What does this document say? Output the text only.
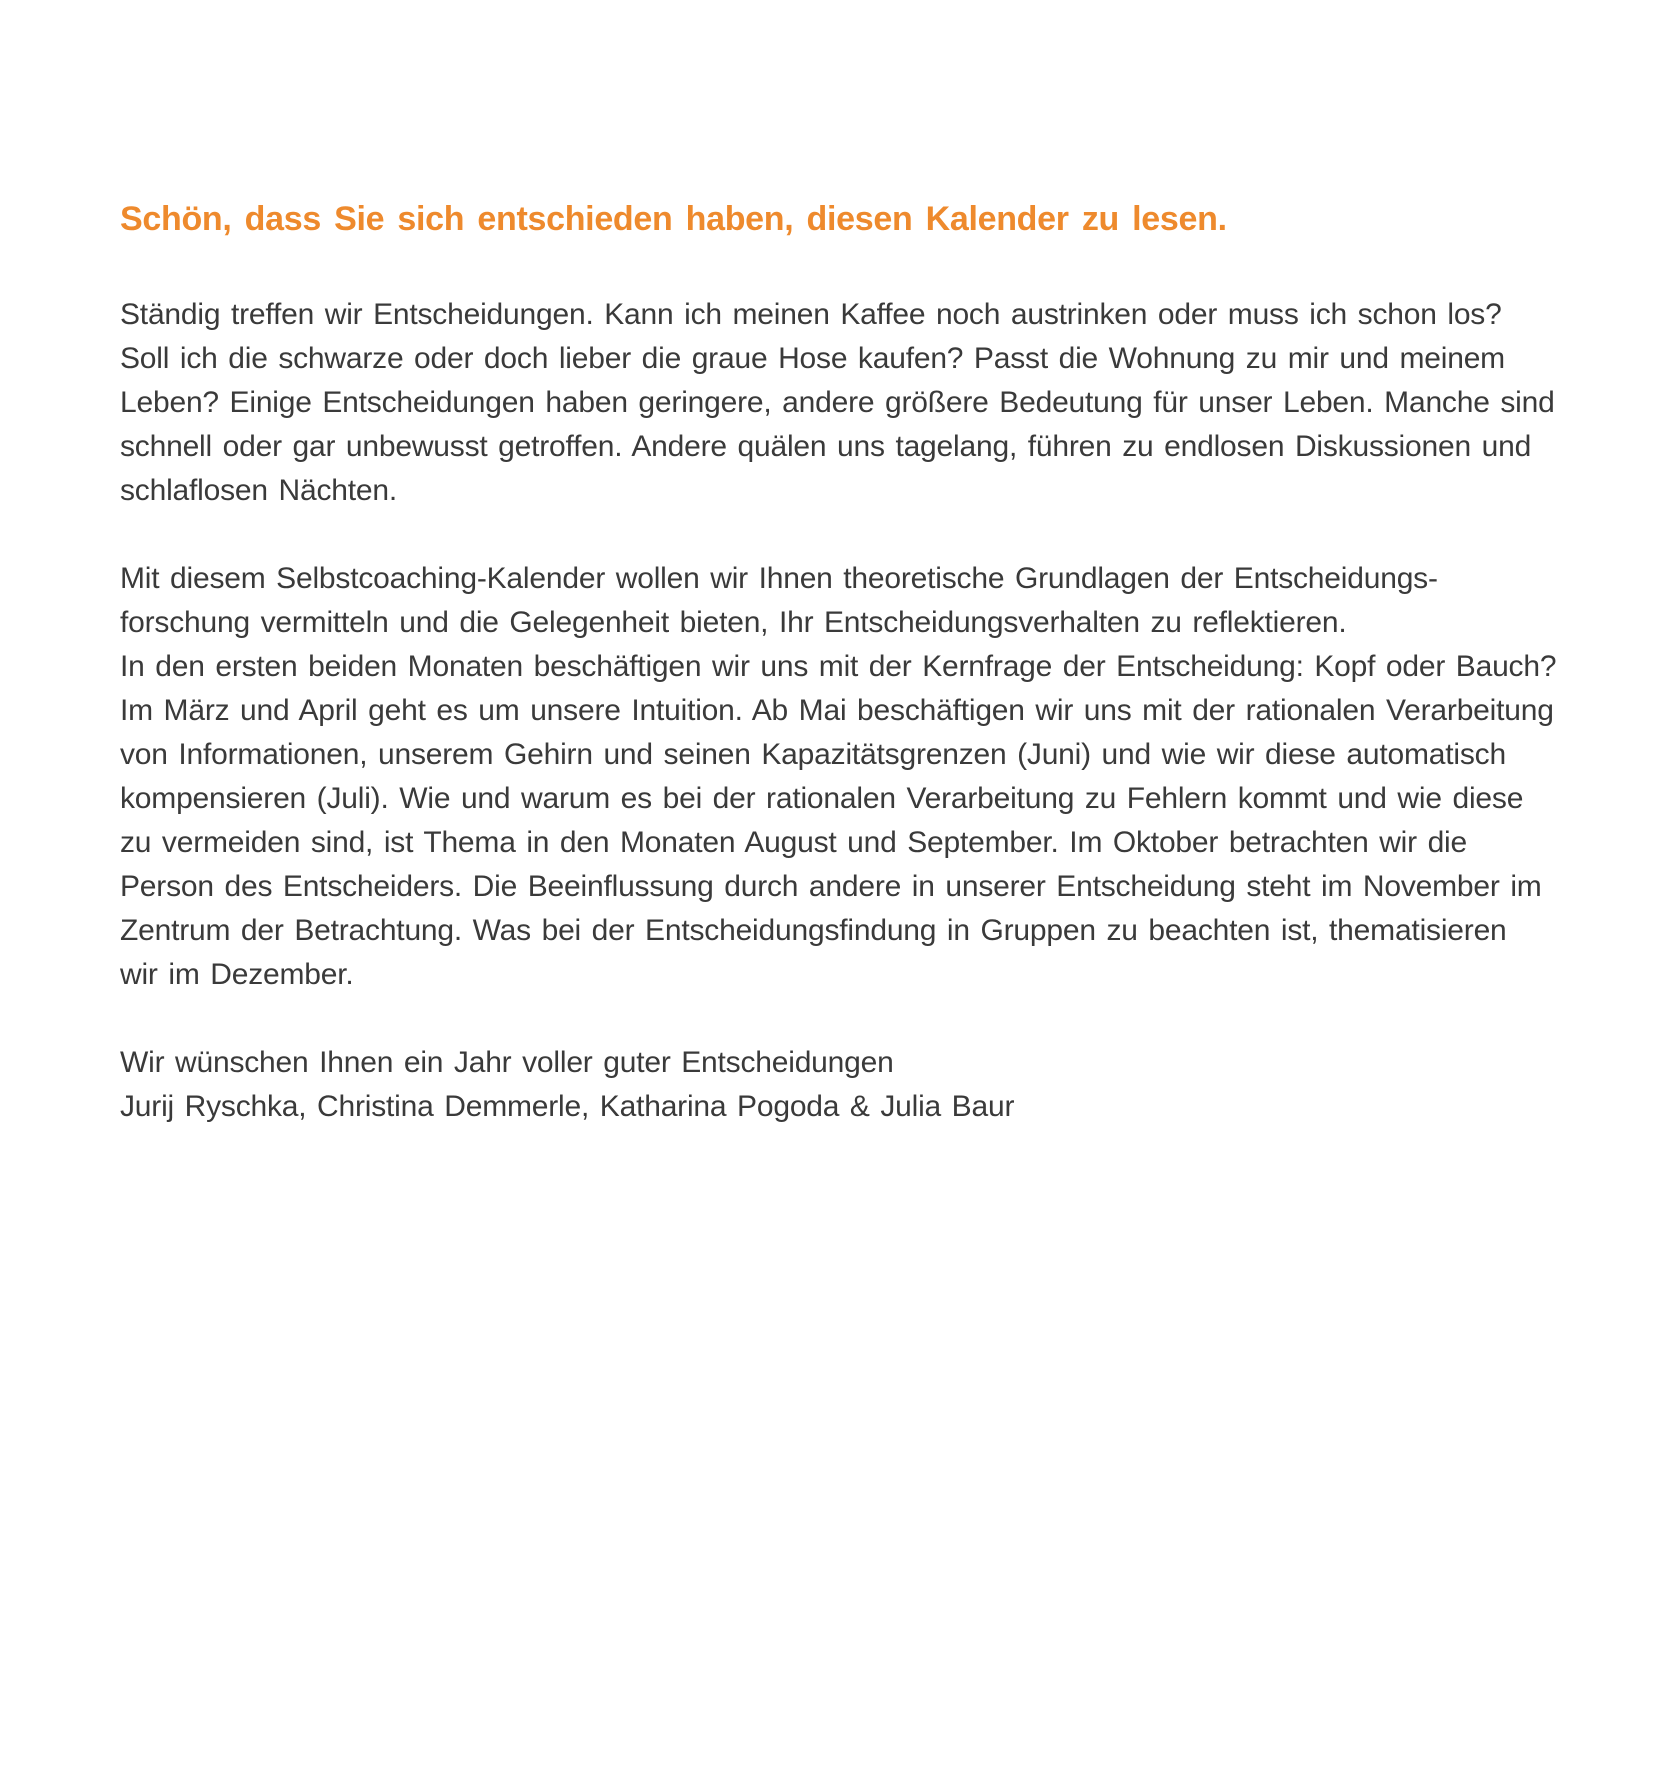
Schön, dass Sie sich entschieden haben, diesen Kalender zu lesen.
Ständig treffen wir Entscheidungen. Kann ich meinen Kaffee noch austrinken oder muss ich schon los?
Soll ich die schwarze oder doch lieber die graue Hose kaufen? Passt die Wohnung zu mir und meinem
Leben? Einige Entscheidungen haben geringere, andere größere Bedeutung für unser Leben. Manche sind
schnell oder gar unbewusst getroffen. Andere quälen uns tagelang, führen zu endlosen Diskussionen und
schlaflosen Nächten.
Mit diesem Selbstcoaching-Kalender wollen wir Ihnen theoretische Grundlagen der Entscheidungs-
forschung vermitteln und die Gelegenheit bieten, Ihr Entscheidungsverhalten zu reflektieren.
In den ersten beiden Monaten beschäftigen wir uns mit der Kernfrage der Entscheidung: Kopf oder Bauch?
Im März und April geht es um unsere Intuition. Ab Mai beschäftigen wir uns mit der rationalen Verarbeitung
von Informationen, unserem Gehirn und seinen Kapazitätsgrenzen (Juni) und wie wir diese automatisch
kompensieren (Juli). Wie und warum es bei der rationalen Verarbeitung zu Fehlern kommt und wie diese
zu vermeiden sind, ist Thema in den Monaten August und September. Im Oktober betrachten wir die
Person des Entscheiders. Die Beeinflussung durch andere in unserer Entscheidung steht im November im
Zentrum der Betrachtung. Was bei der Entscheidungsfindung in Gruppen zu beachten ist, thematisieren
wir im Dezember.
Wir wünschen Ihnen ein Jahr voller guter Entscheidungen
Jurij Ryschka, Christina Demmerle, Katharina Pogoda & Julia Baur
